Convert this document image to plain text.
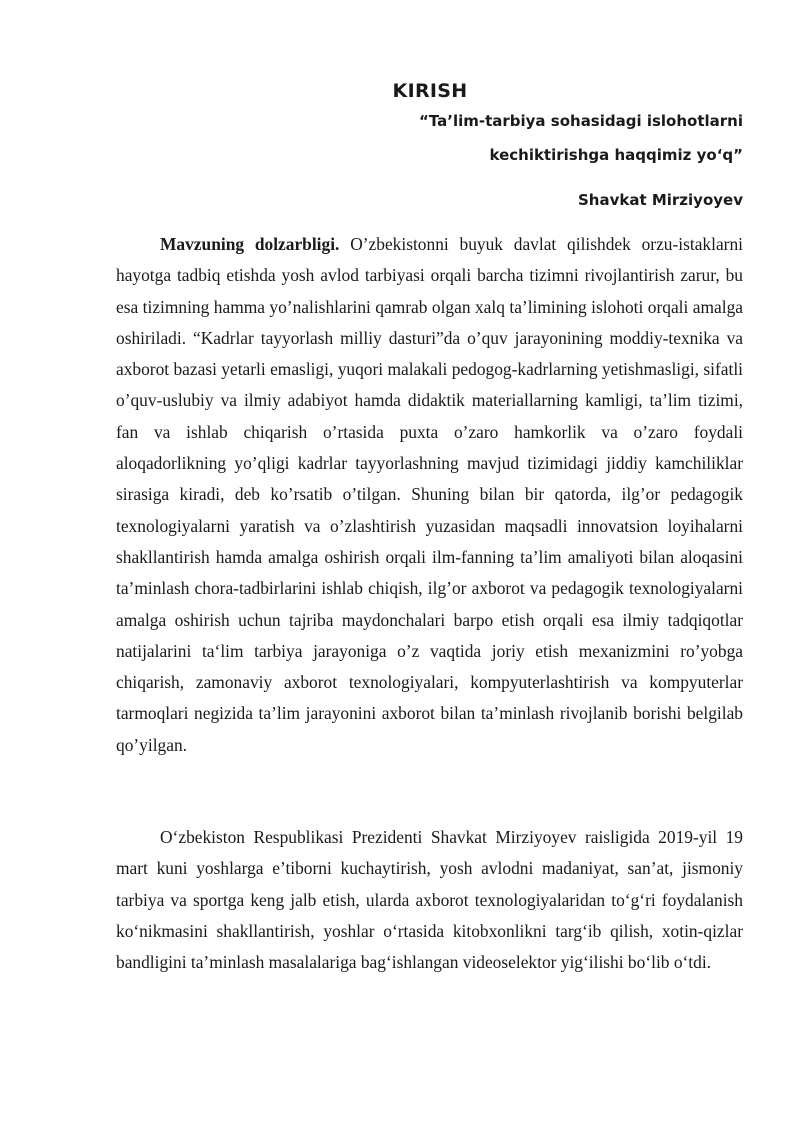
KIRISH

“Ta’lim-tarbiya sohasidagi islohotlarni

kechiktirishga haqqimiz yo‘q”

Shavkat Mirziyoyev

Mavzuning dolzarbligi. O’zbekistonni buyuk davlat qilishdek orzu-istaklarni hayotga tadbiq etishda yosh avlod tarbiyasi orqali barcha tizimni rivojlantirish zarur, bu esa tizimning hamma yo’nalishlarini qamrab olgan xalq ta’limining islohoti orqali amalga oshiriladi. “Kadrlar tayyorlash milliy dasturi”da o’quv jarayonining moddiy-texnika va axborot bazasi yetarli emasligi, yuqori malakali pedogog-kadrlarning yetishmasligi, sifatli o’quv-uslubiy va ilmiy adabiyot hamda didaktik materiallarning kamligi, ta’lim tizimi, fan va ishlab chiqarish o’rtasida puxta o’zaro hamkorlik va o’zaro foydali aloqadorlikning yo’qligi kadrlar tayyorlashning mavjud tizimidagi jiddiy kamchiliklar sirasiga kiradi, deb ko’rsatib o’tilgan. Shuning bilan bir qatorda, ilg’or pedagogik texnologiyalarni yaratish va o’zlashtirish yuzasidan maqsadli innovatsion loyihalarni shakllantirish hamda amalga oshirish orqali ilm-fanning ta’lim amaliyoti bilan aloqasini ta’minlash chora-tadbirlarini ishlab chiqish, ilg’or axborot va pedagogik texnologiyalarni amalga oshirish uchun tajriba maydonchalari barpo etish orqali esa ilmiy tadqiqotlar natijalarini ta‘lim tarbiya jarayoniga o’z vaqtida joriy etish mexanizmini ro’yobga chiqarish, zamonaviy axborot texnologiyalari, kompyuterlashtirish va kompyuterlar tarmoqlari negizida ta’lim jarayonini axborot bilan ta’minlash rivojlanib borishi belgilab qo’yilgan.

O‘zbekiston Respublikasi Prezidenti Shavkat Mirziyoyev raisligida 2019-yil 19 mart kuni yoshlarga e’tiborni kuchaytirish, yosh avlodni madaniyat, san’at, jismoniy tarbiya va sportga keng jalb etish, ularda axborot texnologiyalaridan to‘g‘ri foydalanish ko‘nikmasini shakllantirish, yoshlar o‘rtasida kitobxonlikni targ‘ib qilish, xotin-qizlar bandligini ta’minlash masalalariga bag‘ishlangan videoselektor yig‘ilishi bo‘lib o‘tdi.
